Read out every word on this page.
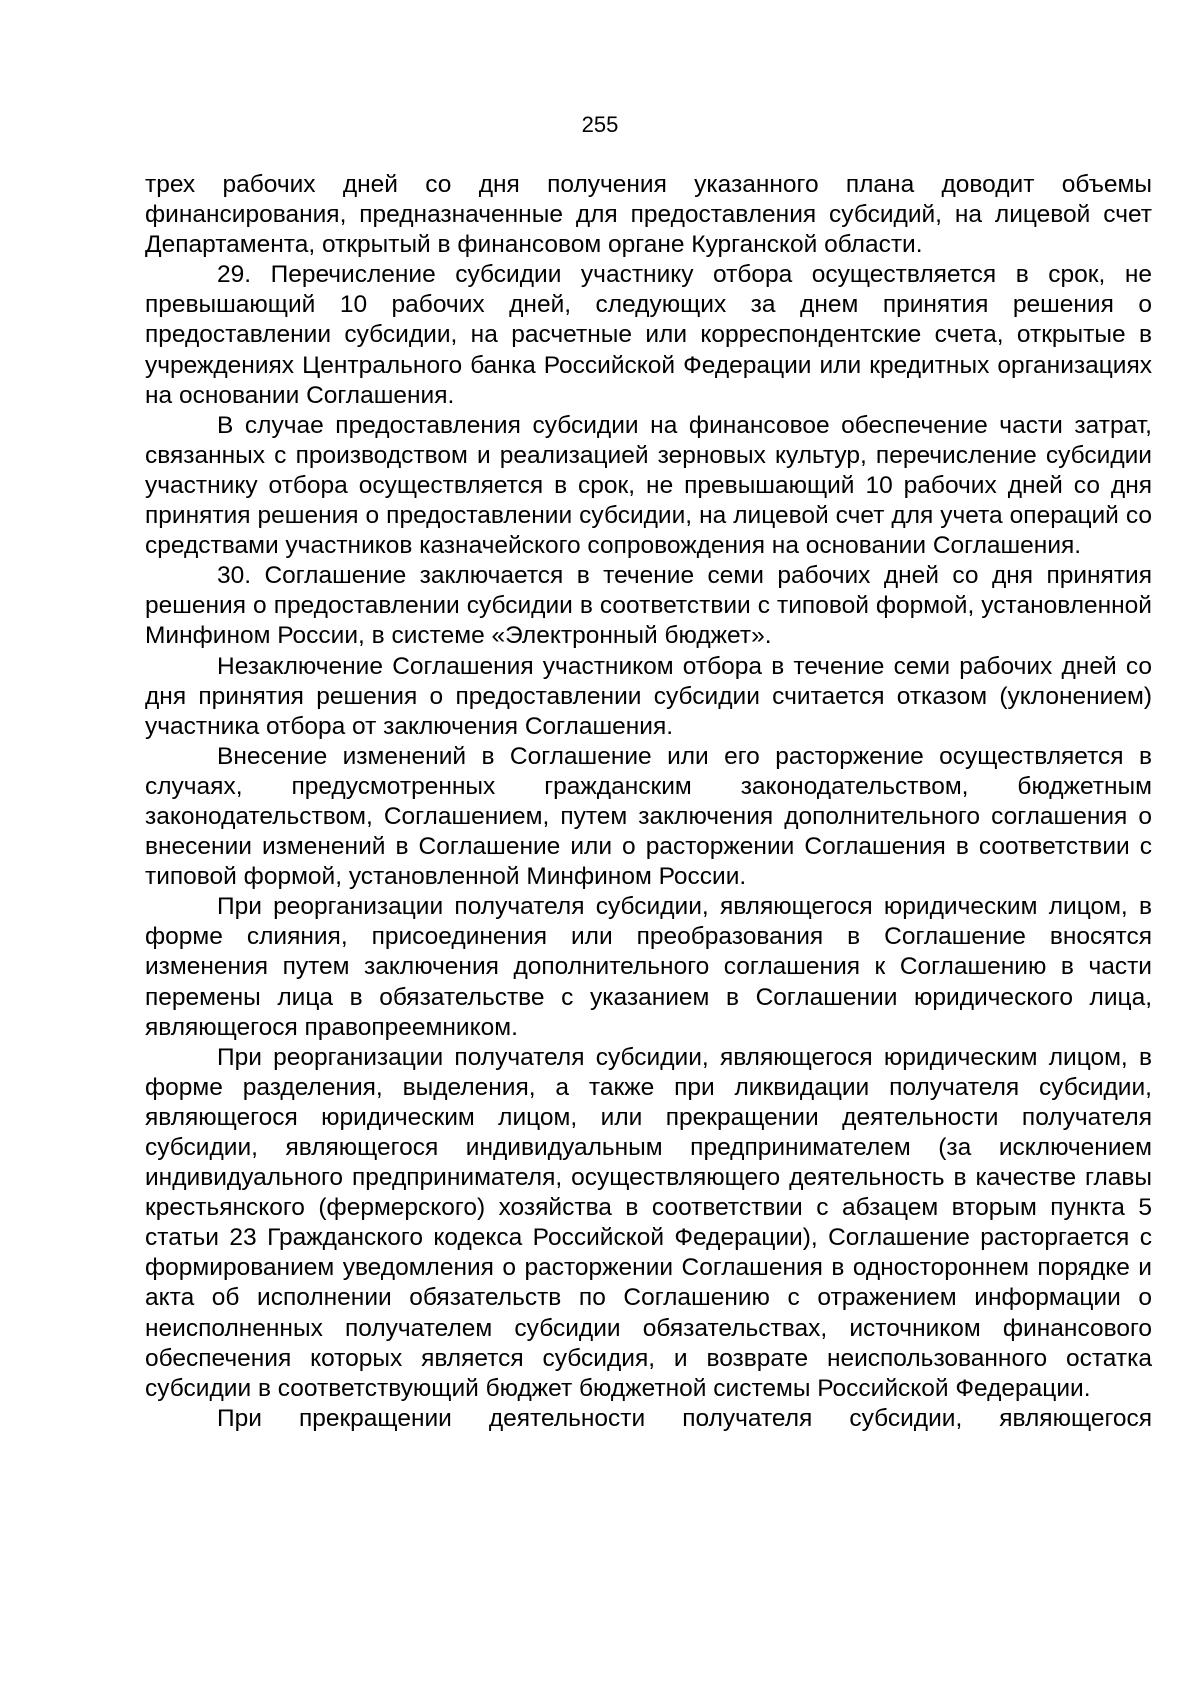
255

трех рабочих дней со дня получения указанного плана доводит объемы финансирования, предназначенные для предоставления субсидий, на лицевой счет Департамента, открытый в финансовом органе Курганской области.

29. Перечисление субсидии участнику отбора осуществляется в срок, не превышающий 10 рабочих дней, следующих за днем принятия решения о предоставлении субсидии, на расчетные или корреспондентские счета, открытые в учреждениях Центрального банка Российской Федерации или кредитных организациях на основании Соглашения.

В случае предоставления субсидии на финансовое обеспечение части затрат, связанных с производством и реализацией зерновых культур, перечисление субсидии участнику отбора осуществляется в срок, не превышающий 10 рабочих дней со дня принятия решения о предоставлении субсидии, на лицевой счет для учета операций со средствами участников казначейского сопровождения на основании Соглашения.

30. Соглашение заключается в течение семи рабочих дней со дня принятия решения о предоставлении субсидии в соответствии с типовой формой, установленной Минфином России, в системе «Электронный бюджет».

Незаключение Соглашения участником отбора в течение семи рабочих дней со дня принятия решения о предоставлении субсидии считается отказом (уклонением) участника отбора от заключения Соглашения.

Внесение изменений в Соглашение или его расторжение осуществляется в случаях, предусмотренных гражданским законодательством, бюджетным законодательством, Соглашением, путем заключения дополнительного соглашения о внесении изменений в Соглашение или о расторжении Соглашения в соответствии с типовой формой, установленной Минфином России.

При реорганизации получателя субсидии, являющегося юридическим лицом, в форме слияния, присоединения или преобразования в Соглашение вносятся изменения путем заключения дополнительного соглашения к Соглашению в части перемены лица в обязательстве с указанием в Соглашении юридического лица, являющегося правопреемником.

При реорганизации получателя субсидии, являющегося юридическим лицом, в форме разделения, выделения, а также при ликвидации получателя субсидии, являющегося юридическим лицом, или прекращении деятельности получателя субсидии, являющегося индивидуальным предпринимателем (за исключением индивидуального предпринимателя, осуществляющего деятельность в качестве главы крестьянского (фермерского) хозяйства в соответствии с абзацем вторым пункта 5 статьи 23 Гражданского кодекса Российской Федерации), Соглашение расторгается с формированием уведомления о расторжении Соглашения в одностороннем порядке и акта об исполнении обязательств по Соглашению с отражением информации о неисполненных получателем субсидии обязательствах, источником финансового обеспечения которых является субсидия, и возврате неиспользованного остатка субсидии в соответствующий бюджет бюджетной системы Российской Федерации.

При прекращении деятельности получателя субсидии, являющегося
